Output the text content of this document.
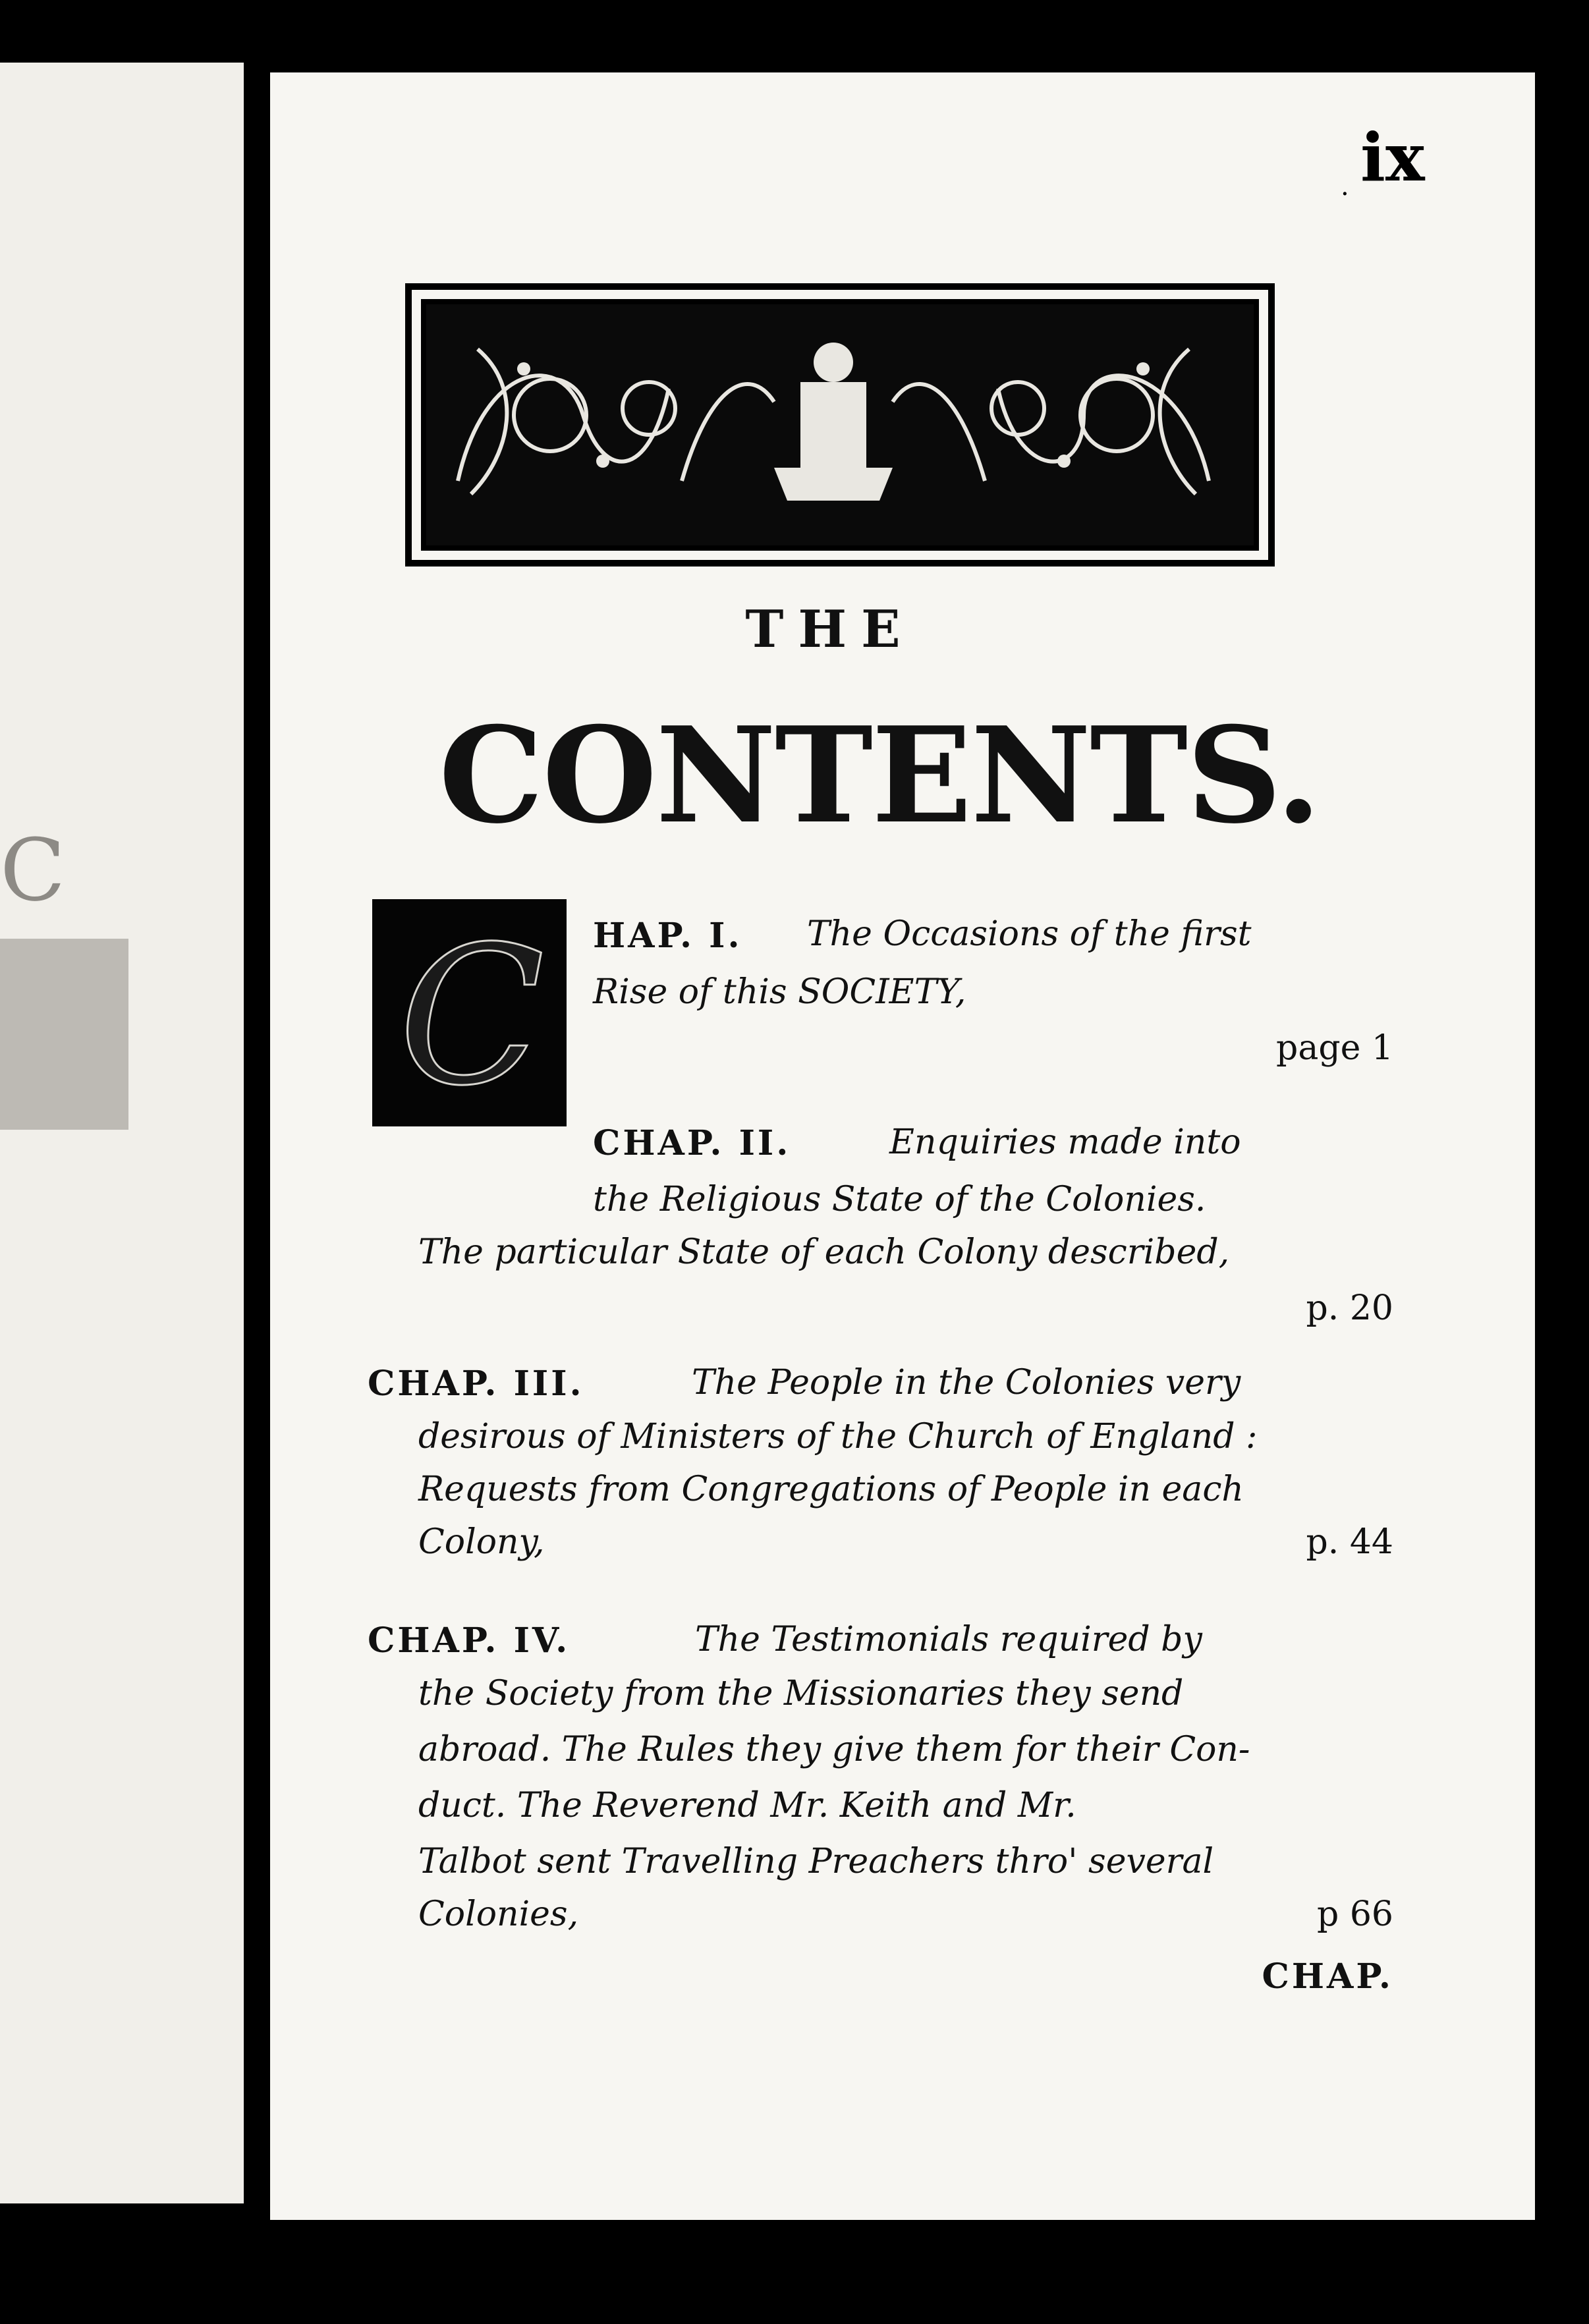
C
ix
.
THE
CONTENTS.
C HAP. I. The Occasions of the first
Rise of this SOCIETY,
page 1
CHAP. II.	Enquiries made into
the Religious State of the Colonies.
The particular State of each Colony described,
p. 20
CHAP. III.	The People in the Colonies very
desirous of Ministers of the Church of England :
Requests from Congregations of People in each
Colony,	p. 44
CHAP. IV.	The Testimonials required by
the Society from the Missionaries they send
abroad. The Rules they give them for their Con-
duct. The Reverend Mr. Keith and Mr.
Talbot sent Travelling Preachers thro' several
Colonies,	p 66
CHAP.
